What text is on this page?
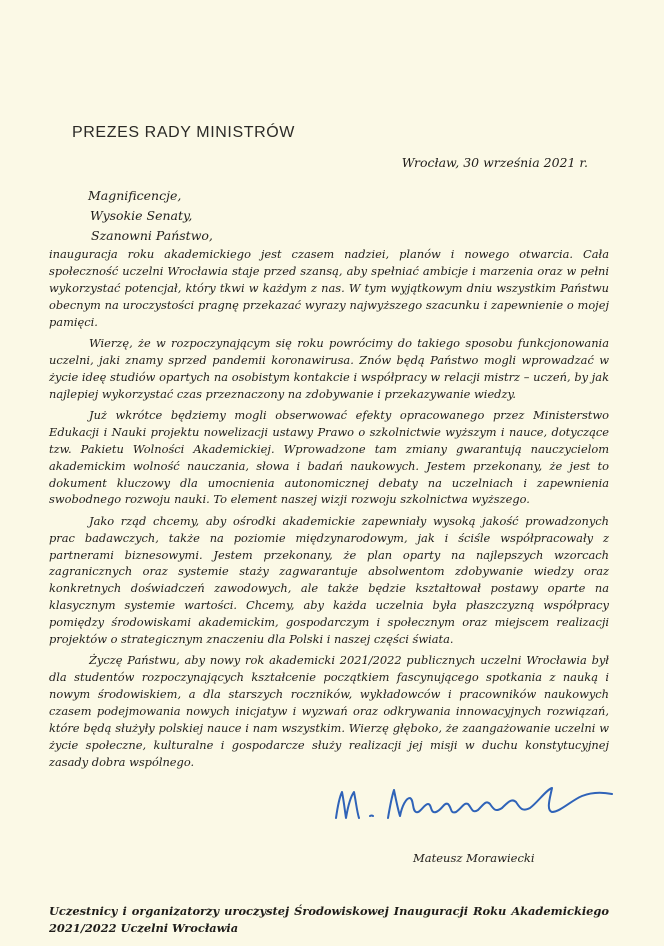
PREZES RADY MINISTRÓW
Wrocław, 30 września 2021 r.
Magnificencje,
Wysokie Senaty,
Szanowni Państwo,

inauguracja roku akademickiego jest czasem nadziei, planów i nowego otwarcia. Cała społeczność uczelni Wrocławia staje przed szansą, aby spełniać ambicje i marzenia oraz w pełni wykorzystać potencjał, który tkwi w każdym z nas. W tym wyjątkowym dniu wszystkim Państwu obecnym na uroczystości pragnę przekazać wyrazy najwyższego szacunku i zapewnienie o mojej pamięci.

Wierzę, że w rozpoczynającym się roku powrócimy do takiego sposobu funkcjonowania uczelni, jaki znamy sprzed pandemii koronawirusa. Znów będą Państwo mogli wprowadzać w życie ideę studiów opartych na osobistym kontakcie i współpracy w relacji mistrz – uczeń, by jak najlepiej wykorzystać czas przeznaczony na zdobywanie i przekazywanie wiedzy.

Już wkrótce będziemy mogli obserwować efekty opracowanego przez Ministerstwo Edukacji i Nauki projektu nowelizacji ustawy Prawo o szkolnictwie wyższym i nauce, dotyczące tzw. Pakietu Wolności Akademickiej. Wprowadzone tam zmiany gwarantują nauczycielom akademickim wolność nauczania, słowa i badań naukowych. Jestem przekonany, że jest to dokument kluczowy dla umocnienia autonomicznej debaty na uczelniach i zapewnienia swobodnego rozwoju nauki. To element naszej wizji rozwoju szkolnictwa wyższego.

Jako rząd chcemy, aby ośrodki akademickie zapewniały wysoką jakość prowadzonych prac badawczych, także na poziomie międzynarodowym, jak i ściśle współpracowały z partnerami biznesowymi. Jestem przekonany, że plan oparty na najlepszych wzorcach zagranicznych oraz systemie staży zagwarantuje absolwentom zdobywanie wiedzy oraz konkretnych doświadczeń zawodowych, ale także będzie kształtował postawy oparte na klasycznym systemie wartości. Chcemy, aby każda uczelnia była płaszczyzną współpracy pomiędzy środowiskami akademickim, gospodarczym i społecznym oraz miejscem realizacji projektów o strategicznym znaczeniu dla Polski i naszej części świata.

Życzę Państwu, aby nowy rok akademicki 2021/2022 publicznych uczelni Wrocławia był dla studentów rozpoczynających kształcenie początkiem fascynującego spotkania z nauką i nowym środowiskiem, a dla starszych roczników, wykładowców i pracowników naukowych czasem podejmowania nowych inicjatyw i wyzwań oraz odkrywania innowacyjnych rozwiązań, które będą służyły polskiej nauce i nam wszystkim. Wierzę głęboko, że zaangażowanie uczelni w życie społeczne, kulturalne i gospodarcze służy realizacji jej misji w duchu konstytucyjnej zasady dobra wspólnego.

Mateusz Morawiecki
Uczestnicy i organizatorzy uroczystej Środowiskowej Inauguracji Roku Akademickiego 2021/2022 Uczelni Wrocławia
